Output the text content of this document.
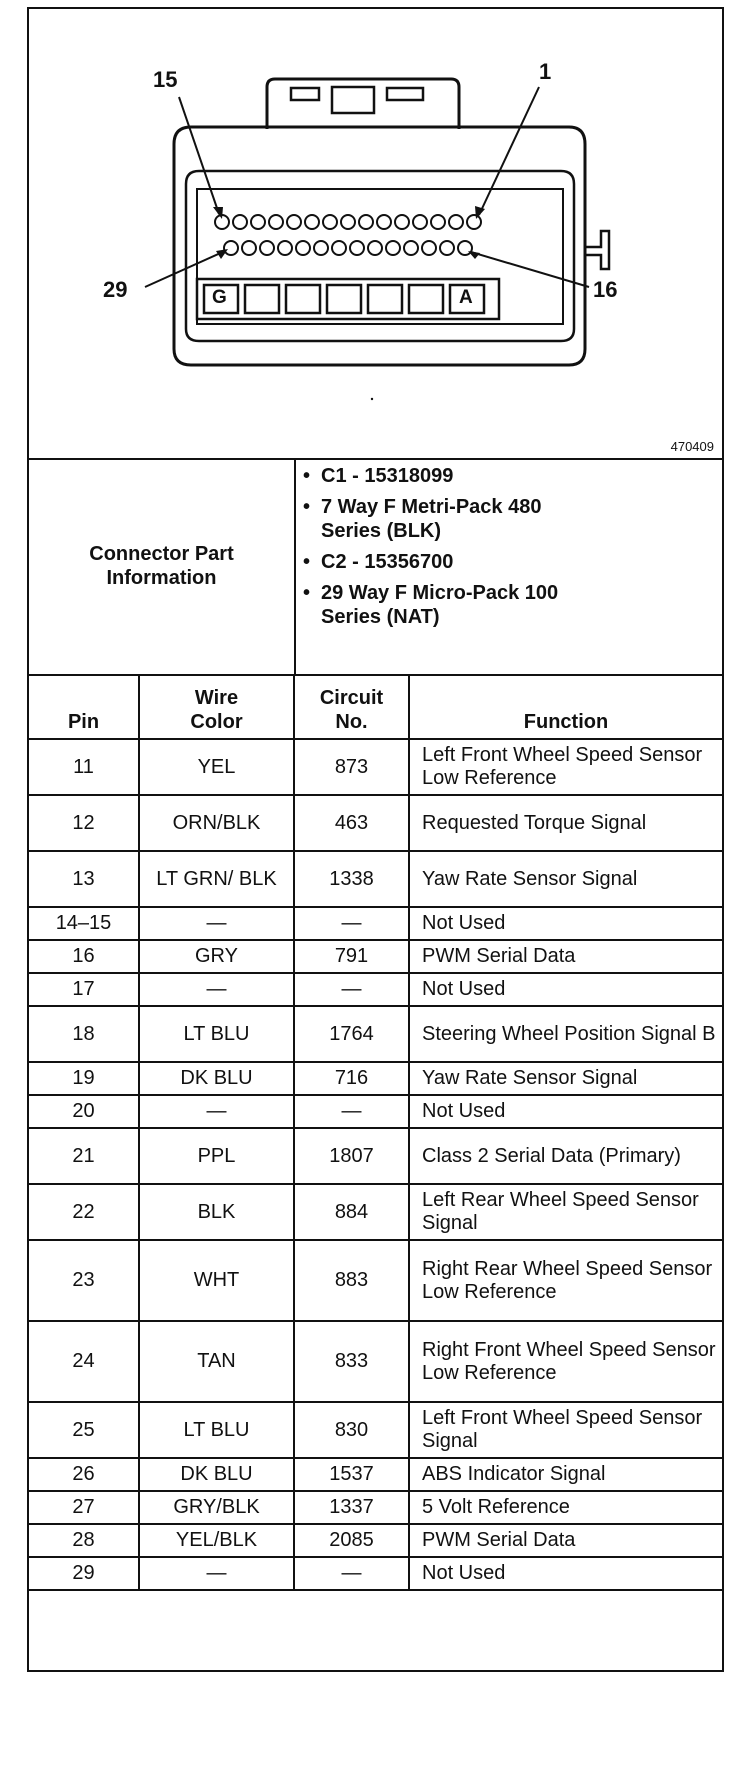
15	1
29	16
G	A
470409
Connector Part Information
• C1 - 15318099
• 7 Way F Metri-Pack 480 Series (BLK)
• C2 - 15356700
• 29 Way F Micro-Pack 100 Series (NAT)
Pin	Wire Color	Circuit No.	Function
11	YEL	873	Left Front Wheel Speed Sensor Low Reference
12	ORN/BLK	463	Requested Torque Signal
13	LT GRN/ BLK	1338	Yaw Rate Sensor Signal
14–15	—	—	Not Used
16	GRY	791	PWM Serial Data
17	—	—	Not Used
18	LT BLU	1764	Steering Wheel Position Signal B
19	DK BLU	716	Yaw Rate Sensor Signal
20	—	—	Not Used
21	PPL	1807	Class 2 Serial Data (Primary)
22	BLK	884	Left Rear Wheel Speed Sensor Signal
23	WHT	883	Right Rear Wheel Speed Sensor Low Reference
24	TAN	833	Right Front Wheel Speed Sensor Low Reference
25	LT BLU	830	Left Front Wheel Speed Sensor Signal
26	DK BLU	1537	ABS Indicator Signal
27	GRY/BLK	1337	5 Volt Reference
28	YEL/BLK	2085	PWM Serial Data
29	—	—	Not Used
